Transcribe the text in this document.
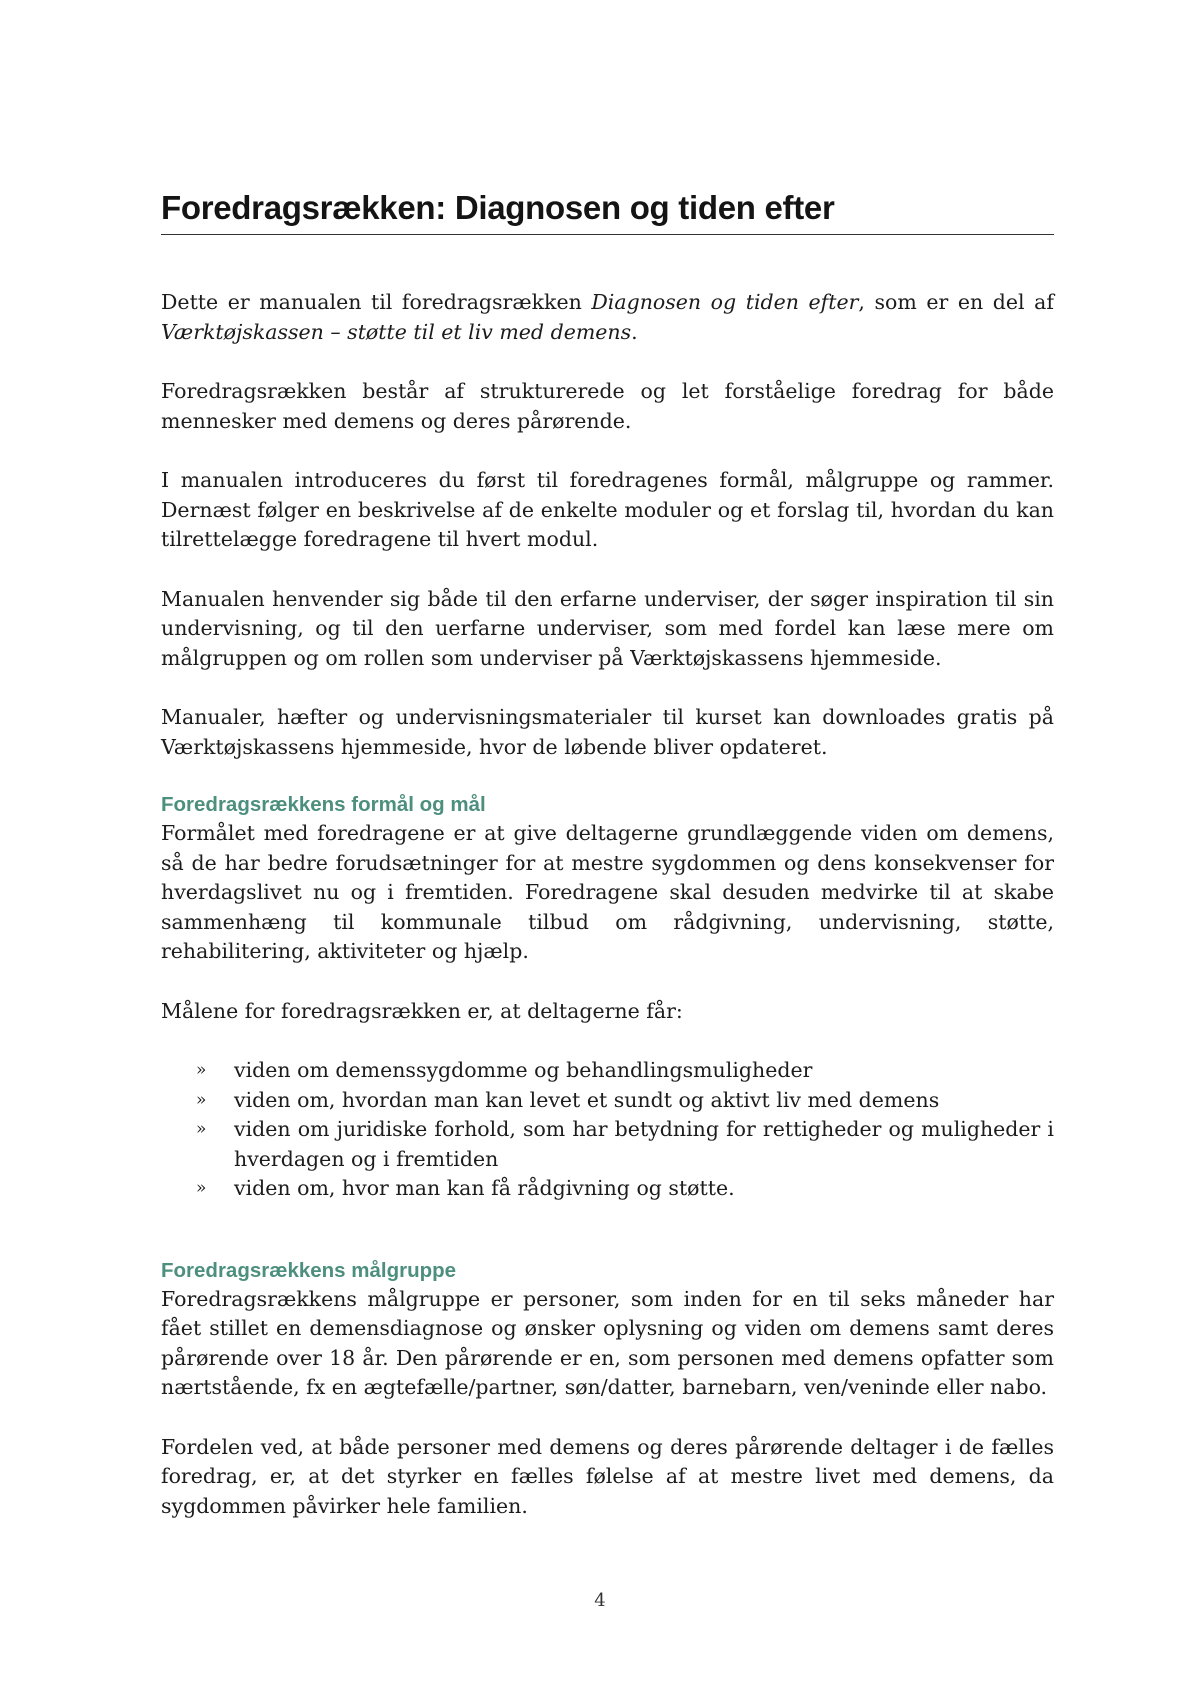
Foredragsrækken: Diagnosen og tiden efter

Dette er manualen til foredragsrækken Diagnosen og tiden efter, som er en del af Værktøjskassen – støtte til et liv med demens.

Foredragsrækken består af strukturerede og let forståelige foredrag for både mennesker med demens og deres pårørende.

I manualen introduceres du først til foredragenes formål, målgruppe og rammer. Dernæst følger en beskrivelse af de enkelte moduler og et forslag til, hvordan du kan tilrettelægge foredragene til hvert modul.

Manualen henvender sig både til den erfarne underviser, der søger inspiration til sin undervisning, og til den uerfarne underviser, som med fordel kan læse mere om målgruppen og om rollen som underviser på Værktøjskassens hjemmeside.

Manualer, hæfter og undervisningsmaterialer til kurset kan downloades gratis på Værktøjskassens hjemmeside, hvor de løbende bliver opdateret.

Foredragsrækkens formål og mål

Formålet med foredragene er at give deltagerne grundlæggende viden om demens, så de har bedre forudsætninger for at mestre sygdommen og dens konsekvenser for hverdagslivet nu og i fremtiden. Foredragene skal desuden medvirke til at skabe sammenhæng til kommunale tilbud om rådgivning, undervisning, støtte, rehabilitering, aktiviteter og hjælp.

Målene for foredragsrækken er, at deltagerne får:

» viden om demenssygdomme og behandlingsmuligheder
» viden om, hvordan man kan levet et sundt og aktivt liv med demens
» viden om juridiske forhold, som har betydning for rettigheder og muligheder i hverdagen og i fremtiden
» viden om, hvor man kan få rådgivning og støtte.
Foredragsrækkens målgruppe

Foredragsrækkens målgruppe er personer, som inden for en til seks måneder har fået stillet en demensdiagnose og ønsker oplysning og viden om demens samt deres pårørende over 18 år. Den pårørende er en, som personen med demens opfatter som nærtstående, fx en ægtefælle/partner, søn/datter, barnebarn, ven/veninde eller nabo.

Fordelen ved, at både personer med demens og deres pårørende deltager i de fælles foredrag, er, at det styrker en fælles følelse af at mestre livet med demens, da sygdommen påvirker hele familien.

4
